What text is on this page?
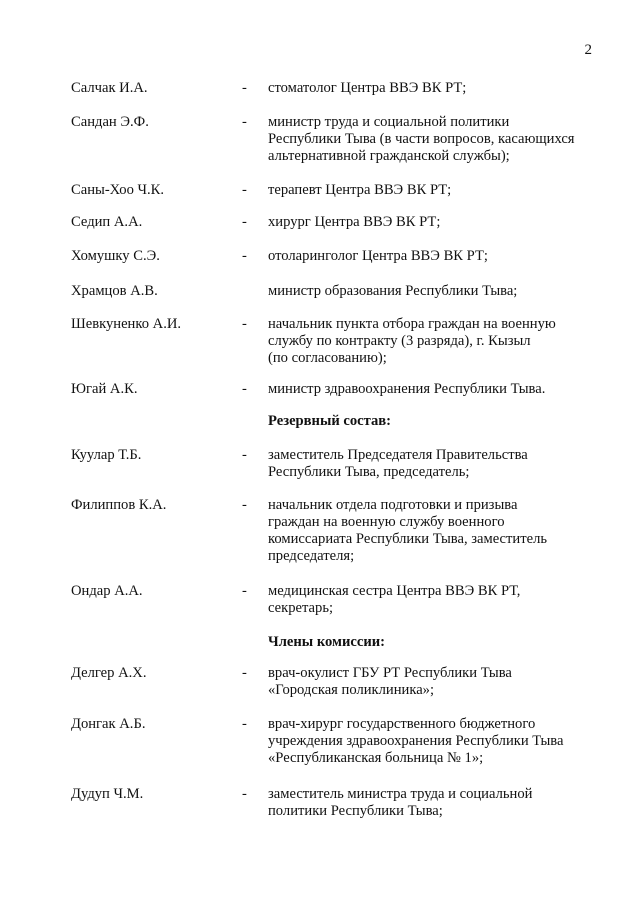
2
Салчак И.А.	- стоматолог Центра ВВЭ ВК РТ;
Сандан Э.Ф.	- министр труда и социальной политики
Республики Тыва (в части вопросов, касающихся
альтернативной гражданской службы);
Саны-Хоо Ч.К.	- терапевт Центра ВВЭ ВК РТ;
Седип А.А.	- хирург Центра ВВЭ ВК РТ;
Хомушку С.Э.	- отоларинголог Центра ВВЭ ВК РТ;
Храмцов А.В.	министр образования Республики Тыва;
Шевкуненко А.И.	- начальник пункта отбора граждан на военную
службу по контракту (3 разряда), г. Кызыл
(по согласованию);
Югай А.К.	- министр здравоохранения Республики Тыва.
Резервный состав:
Куулар Т.Б.	- заместитель Председателя Правительства
Республики Тыва, председатель;
Филиппов К.А.	- начальник отдела подготовки и призыва
граждан на военную службу военного
комиссариата Республики Тыва, заместитель
председателя;
Ондар А.А.	- медицинская сестра Центра ВВЭ ВК РТ,
секретарь;
Члены комиссии:
Делгер А.Х.	- врач-окулист ГБУ РТ Республики Тыва
«Городская поликлиника»;
Донгак А.Б.	- врач-хирург государственного бюджетного
учреждения здравоохранения Республики Тыва
«Республиканская больница № 1»;
Дудуп Ч.М.	- заместитель министра труда и социальной
политики Республики Тыва;
